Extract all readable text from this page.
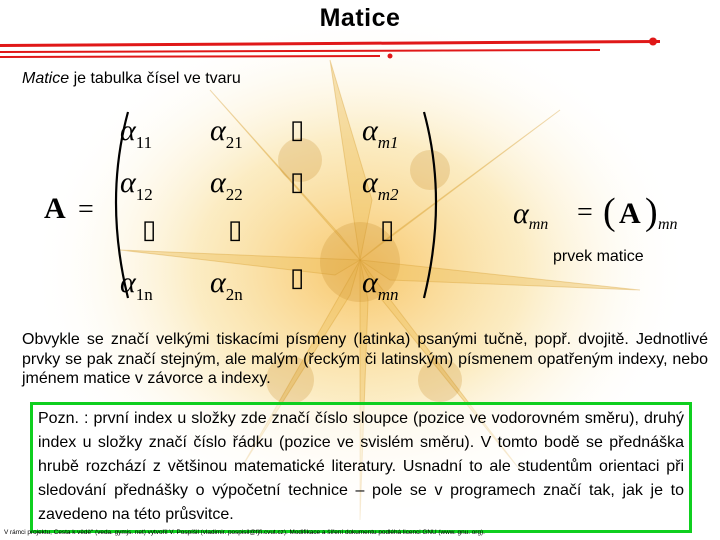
Matice
Matice je tabulka čísel ve tvaru
A =
$\alpha_{11}$ $\alpha_{21}$ ▯ $\alpha_{m1}$
$\alpha_{12}$ $\alpha_{22}$ ▯ $\alpha_{m2}$
▯	▯	▯
$\alpha_{1n}$ $\alpha_{2n}$
▯ $\alpha_{mn}$
$\alpha_{mn}$ = ( A ) mn
prvek matice
Obvykle se značí velkými tiskacími písmeny (latinka) psanými tučně, popř. dvojitě. Jednotlivé prvky se pak značí stejným, ale malým (řeckým či latinským) písmenem opatřeným indexy, nebo jménem matice v závorce a indexy.
Pozn. : první index u složky zde značí číslo sloupce (pozice ve vodorovném směru), druhý index u složky značí číslo řádku (pozice ve svislém směru). V tomto bodě se přednáška hrubě rozchází z většinou matematické literatury. Usnadní to ale studentům orientaci při sledování přednášky o výpočetní technice – pole se v programech značí tak, jak je to zavedeno na této průsvitce.
V rámci projektu, Cesta k vědě" (veda. gymjs. net) vytvořil V. Pospíšil (vladimir. pospisil@fjfi.cvut.cz). Modifikace a šíření dokumentu podléhá licenci GNU (www. gnu. org).
